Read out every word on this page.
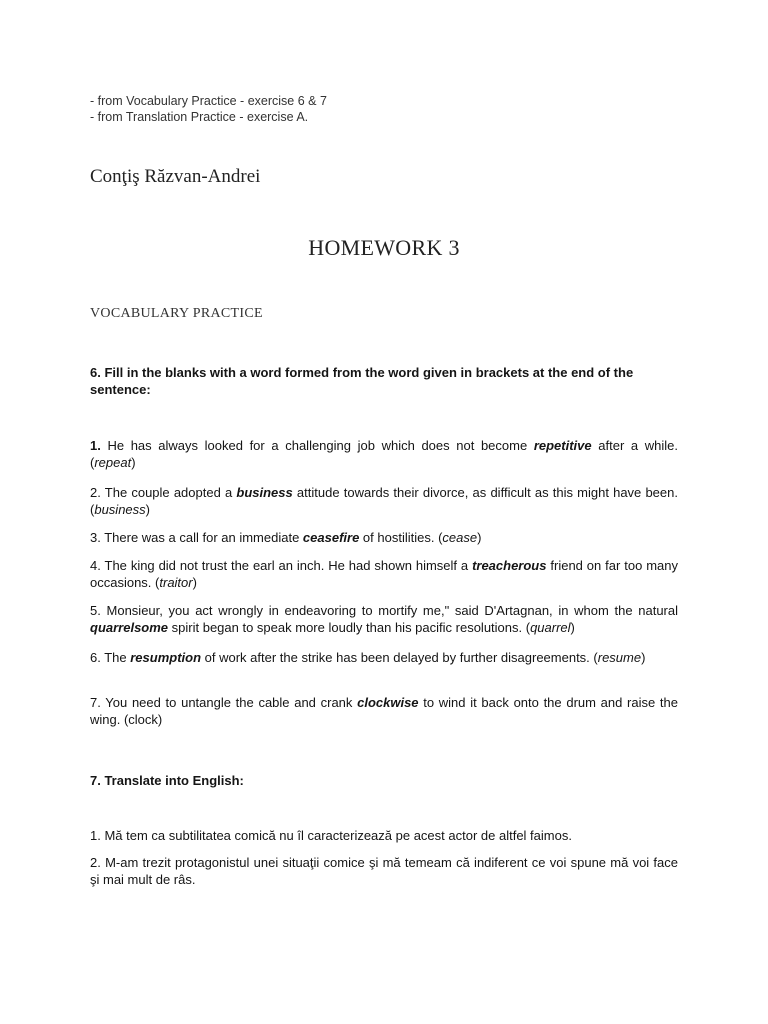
- from Vocabulary Practice - exercise 6 & 7
- from Translation Practice - exercise A.
Conţiş Răzvan-Andrei
HOMEWORK 3
VOCABULARY PRACTICE
6. Fill in the blanks with a word formed from the word given in brackets at the end of the sentence:
1. He has always looked for a challenging job which does not become repetitive after a while. (repeat)
2. The couple adopted a business attitude towards their divorce, as difficult as this might have been. (business)
3. There was a call for an immediate ceasefire of hostilities. (cease)
4. The king did not trust the earl an inch. He had shown himself a treacherous friend on far too many occasions. (traitor)
5. Monsieur, you act wrongly in endeavoring to mortify me," said D'Artagnan, in whom the natural quarrelsome spirit began to speak more loudly than his pacific resolutions. (quarrel)
6. The resumption of work after the strike has been delayed by further disagreements. (resume)
7. You need to untangle the cable and crank clockwise to wind it back onto the drum and raise the wing. (clock)
7. Translate into English:
1. Mă tem ca subtilitatea comică nu îl caracterizează pe acest actor de altfel faimos.
2. M-am trezit protagonistul unei situaţii comice şi mă temeam că indiferent ce voi spune mă voi face şi mai mult de râs.
